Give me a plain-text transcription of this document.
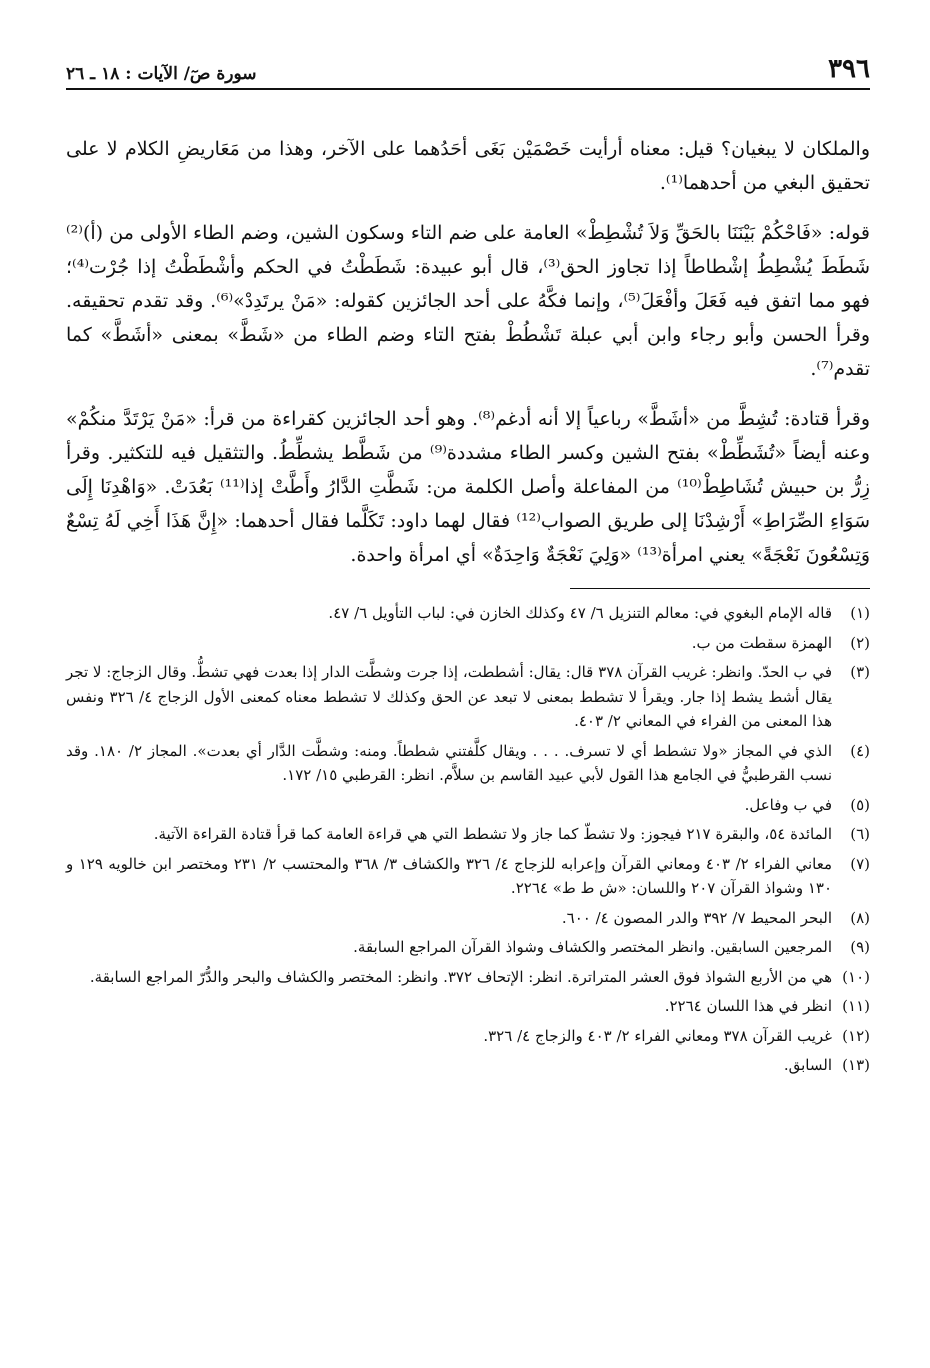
٣٩٦
سورة صٓ/ الآيات : ١٨ ـ ٢٦

والملكان لا يبغيان؟ قيل: معناه أرأيت خَصْمَيْن بَغَى أحَدُهما على الآخر، وهذا من مَعَاريضِ الكلام لا على تحقيق البغي من أحدهما⁽¹⁾.

قوله: «فَاحْكُمْ بَيْنَنَا بالحَقِّ وَلاَ تُشْطِطْ» العامة على ضم التاء وسكون الشين، وضم الطاء الأولى من (أ)⁽²⁾ شَطَطَ يُشْطِطُ إشْطاطاً إذا تجاوز الحق⁽³⁾، قال أبو عبيدة: شَطَطْتُ في الحكم وأشْطَطْتُ إذا جُرْت⁽⁴⁾؛ فهو مما اتفق فيه فَعَلَ وأفْعَلَ⁽⁵⁾، وإنما فكَّهُ على أحد الجائزين كقوله: «مَنْ يرتَدِدْ»⁽⁶⁾. وقد تقدم تحقيقه. وقرأ الحسن وأبو رجاء وابن أبي عبلة تَشْطُطْ بفتح التاء وضم الطاء من «شَطَّ» بمعنى «أشَطَّ» كما تقدم⁽⁷⁾.

وقرأ قتادة: تُشِطَّ من «أشَطَّ» رباعياً إلا أنه أدغم⁽⁸⁾. وهو أحد الجائزين كقراءة من قرأ: «مَنْ يَرْتَدَّ منكُمْ» وعنه أيضاً «تُشَطِّطْ» بفتح الشين وكسر الطاء مشددة⁽⁹⁾ من شَطَّط يشطِّطُ. والتثقيل فيه للتكثير. وقرأ زِرُّ بن حبيش تُشَاطِطْ⁽¹⁰⁾ من المفاعلة وأصل الكلمة من: شَطَّتِ الدَّارُ وأَطَّتْ إذا⁽¹¹⁾ بَعُدَتْ. «وَاهْدِنَا إِلَى سَوَاءِ الصِّرَاطِ» أَرْشِدْنَا إلى طريق الصواب⁽¹²⁾ فقال لهما داود: تَكَلَّما فقال أحدهما: «إِنَّ هَذَا أَخِي لَهُ تِسْعٌ وَتِسْعُونَ نَعْجَةً» يعني امرأة⁽¹³⁾ «وَلِيَ نَعْجَةٌ وَاحِدَةٌ» أي امرأة واحدة.

(١)
قاله الإمام البغوي في: معالم التنزيل ٦/ ٤٧ وكذلك الخازن في: لباب التأويل ٦/ ٤٧.
(٢)
الهمزة سقطت من ب.
(٣)
في ب الحدّ. وانظر: غريب القرآن ٣٧٨ قال: يقال: أشططت، إذا جرت وشطَّت الدار إذا بعدت فهي تشطُّ. وقال الزجاج: لا تجر يقال أشط يشط إذا جار. ويقرأ لا تشطط بمعنى لا تبعد عن الحق وكذلك لا تشطط معناه كمعنى الأول الزجاج ٤/ ٣٢٦ ونفس هذا المعنى من الفراء في المعاني ٢/ ٤٠٣.
(٤)
الذي في المجاز «ولا تشطط أي لا تسرف. . . . ويقال كلَّفتني شططاً. ومنه: وشطَّت الدَّار أي بعدت». المجاز ٢/ ١٨٠. وقد نسب القرطبيُّ في الجامع هذا القول لأبي عبيد القاسم بن سلاَّم. انظر: القرطبي ١٥/ ١٧٢.
(٥)
في ب وفاعل.
(٦)
المائدة ٥٤، والبقرة ٢١٧ فيجوز: ولا تشطّ كما جاز ولا تشطط التي هي قراءة العامة كما قرأ قتادة القراءة الآتية.
(٧)
معاني الفراء ٢/ ٤٠٣ ومعاني القرآن وإعرابه للزجاج ٤/ ٣٢٦ والكشاف ٣/ ٣٦٨ والمحتسب ٢/ ٢٣١ ومختصر ابن خالويه ١٢٩ و ١٣٠ وشواذ القرآن ٢٠٧ واللسان: «ش ط ط» ٢٢٦٤.
(٨)
البحر المحيط ٧/ ٣٩٢ والدر المصون ٤/ ٦٠٠.
(٩)
المرجعين السابقين. وانظر المختصر والكشاف وشواذ القرآن المراجع السابقة.
(١٠)
هي من الأربع الشواذ فوق العشر المتراترة. انظر: الإتحاف ٣٧٢. وانظر: المختصر والكشاف والبحر والدُّرّ المراجع السابقة.
(١١)
انظر في هذا اللسان ٢٢٦٤.
(١٢)
غريب القرآن ٣٧٨ ومعاني الفراء ٢/ ٤٠٣ والزجاج ٤/ ٣٢٦.
(١٣)
السابق.
